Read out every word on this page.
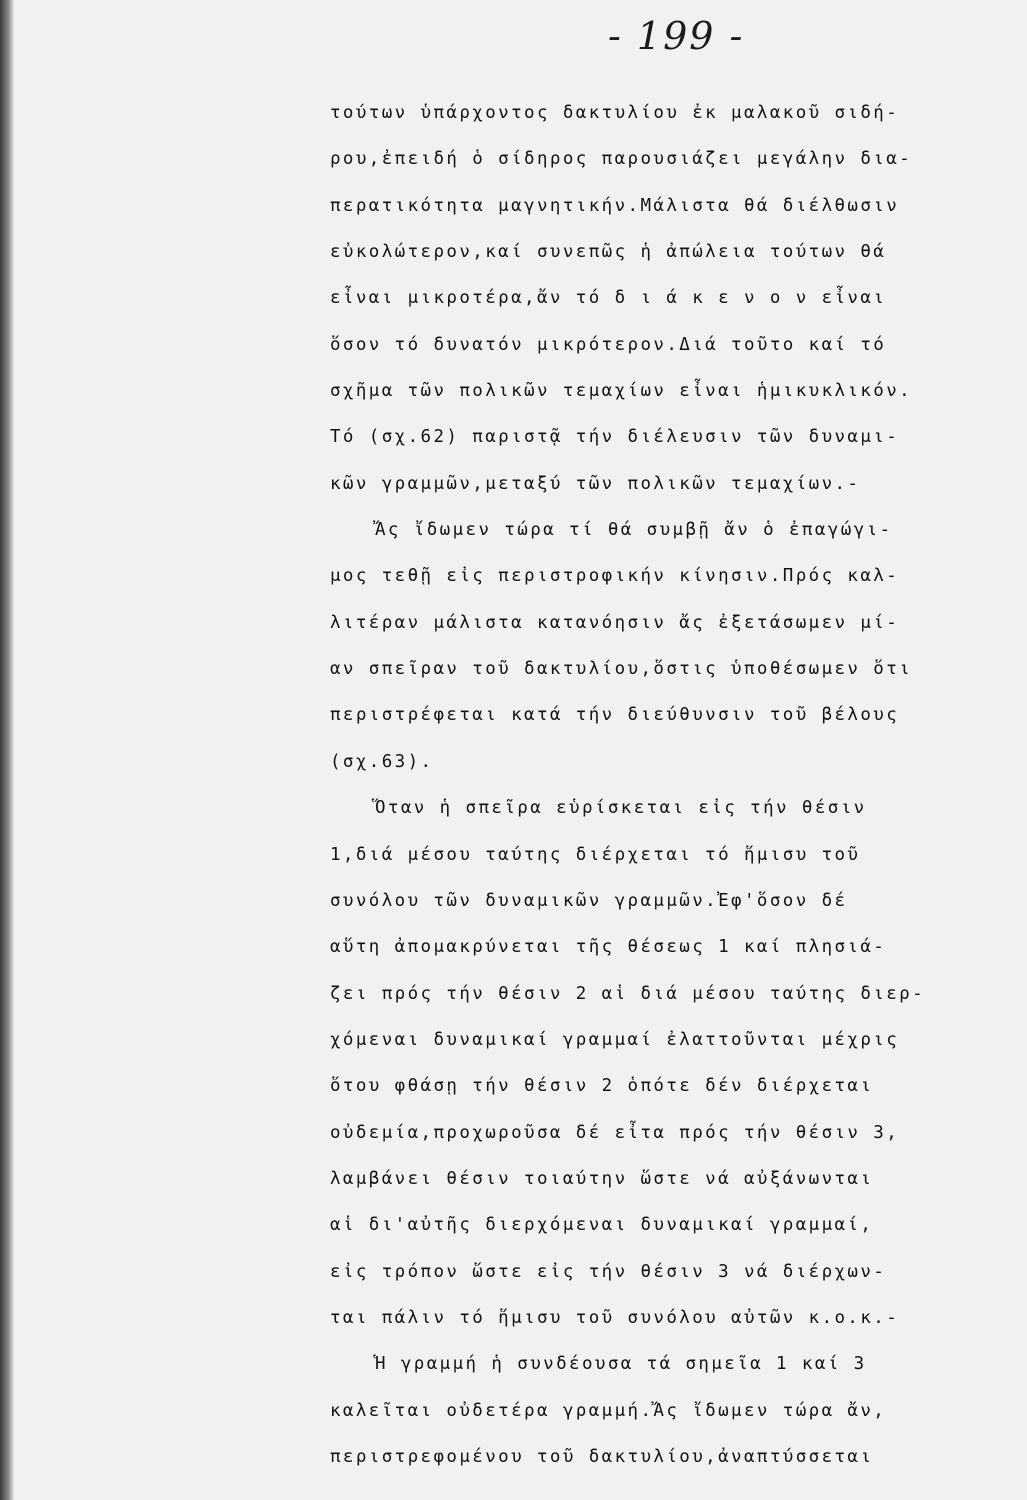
- 199 -
τούτων ὑπάρχοντος δακτυλίου ἐκ μαλακοῦ σιδή-
ρου,ἐπειδή ὁ σίδηρος παρουσιάζει μεγάλην δια-
περατικότητα μαγνητικήν.Μάλιστα θά διέλθωσιν
εὐκολώτερον,καί συνεπῶς ἡ ἀπώλεια τούτων θά
εἶναι μικροτέρα,ἄν τό δ ι ά κ ε ν ο ν εἶναι
ὅσον τό δυνατόν μικρότερον.Διά τοῦτο καί τό
σχῆμα τῶν πολικῶν τεμαχίων εἶναι ἡμικυκλικόν.
Τό (σχ.62) παριστᾷ τήν διέλευσιν τῶν δυναμι-
κῶν γραμμῶν,μεταξύ τῶν πολικῶν τεμαχίων.-
Ἄς ἴδωμεν τώρα τί θά συμβῇ ἄν ὁ ἐπαγώγι-
μος τεθῇ εἰς περιστροφικήν κίνησιν.Πρός καλ-
λιτέραν μάλιστα κατανόησιν ἄς ἐξετάσωμεν μί-
αν σπεῖραν τοῦ δακτυλίου,ὅστις ὑποθέσωμεν ὅτι
περιστρέφεται κατά τήν διεύθυνσιν τοῦ βέλους
(σχ.63).
Ὅταν ἡ σπεῖρα εὑρίσκεται εἰς τήν θέσιν
1,διά μέσου ταύτης διέρχεται τό ἥμισυ τοῦ
συνόλου τῶν δυναμικῶν γραμμῶν.Ἐφ'ὅσον δέ
αὕτη ἀπομακρύνεται τῆς θέσεως 1 καί πλησιά-
ζει πρός τήν θέσιν 2 αἱ διά μέσου ταύτης διερ-
χόμεναι δυναμικαί γραμμαί ἐλαττοῦνται μέχρις
ὅτου φθάσῃ τήν θέσιν 2 ὁπότε δέν διέρχεται
οὐδεμία,προχωροῦσα δέ εἶτα πρός τήν θέσιν 3,
λαμβάνει θέσιν τοιαύτην ὥστε νά αὐξάνωνται
αἱ δι'αὐτῆς διερχόμεναι δυναμικαί γραμμαί,
εἰς τρόπον ὥστε εἰς τήν θέσιν 3 νά διέρχων-
ται πάλιν τό ἥμισυ τοῦ συνόλου αὐτῶν κ.ο.κ.-
Ἡ γραμμή ἡ συνδέουσα τά σημεῖα 1 καί 3
καλεῖται οὐδετέρα γραμμή.Ἄς ἴδωμεν τώρα ἄν,
περιστρεφομένου τοῦ δακτυλίου,ἀναπτύσσεται
